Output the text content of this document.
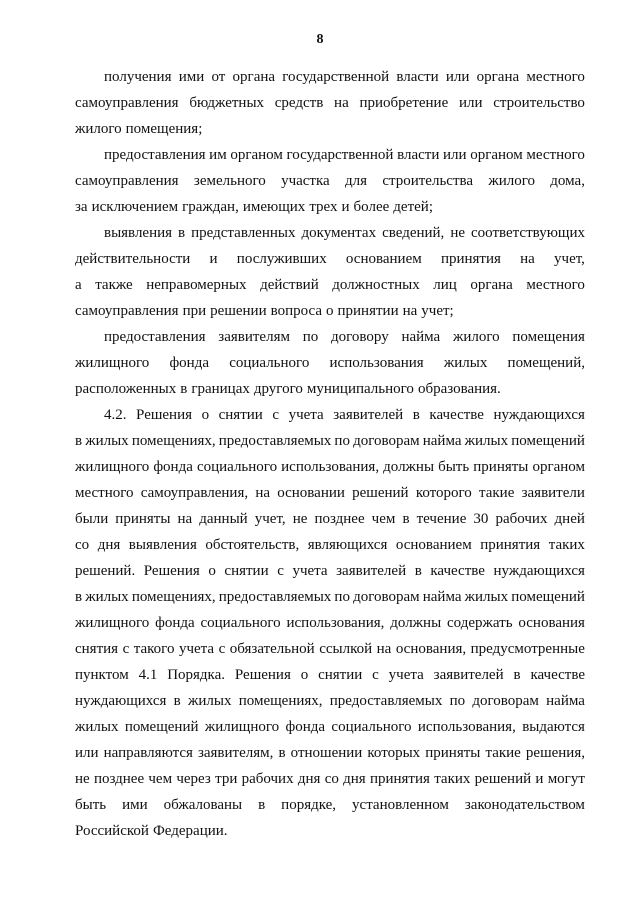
8
получения ими от органа государственной власти или органа местного
самоуправления бюджетных средств на приобретение или строительство
жилого помещения;
предоставления им органом государственной власти или органом местного
самоуправления земельного участка для строительства жилого дома,
за исключением граждан, имеющих трех и более детей;
выявления в представленных документах сведений, не соответствующих
действительности и послуживших основанием принятия на учет,
а также неправомерных действий должностных лиц органа местного
самоуправления при решении вопроса о принятии на учет;
предоставления заявителям по договору найма жилого помещения
жилищного фонда социального использования жилых помещений,
расположенных в границах другого муниципального образования.
4.2. Решения о снятии с учета заявителей в качестве нуждающихся
в жилых помещениях, предоставляемых по договорам найма жилых помещений
жилищного фонда социального использования, должны быть приняты органом
местного самоуправления, на основании решений которого такие заявители
были приняты на данный учет, не позднее чем в течение 30 рабочих дней
со дня выявления обстоятельств, являющихся основанием принятия таких
решений. Решения о снятии с учета заявителей в качестве нуждающихся
в жилых помещениях, предоставляемых по договорам найма жилых помещений
жилищного фонда социального использования, должны содержать основания
снятия с такого учета с обязательной ссылкой на основания, предусмотренные
пунктом 4.1 Порядка. Решения о снятии с учета заявителей в качестве
нуждающихся в жилых помещениях, предоставляемых по договорам найма
жилых помещений жилищного фонда социального использования, выдаются
или направляются заявителям, в отношении которых приняты такие решения,
не позднее чем через три рабочих дня со дня принятия таких решений и могут
быть ими обжалованы в порядке, установленном законодательством
Российской Федерации.
